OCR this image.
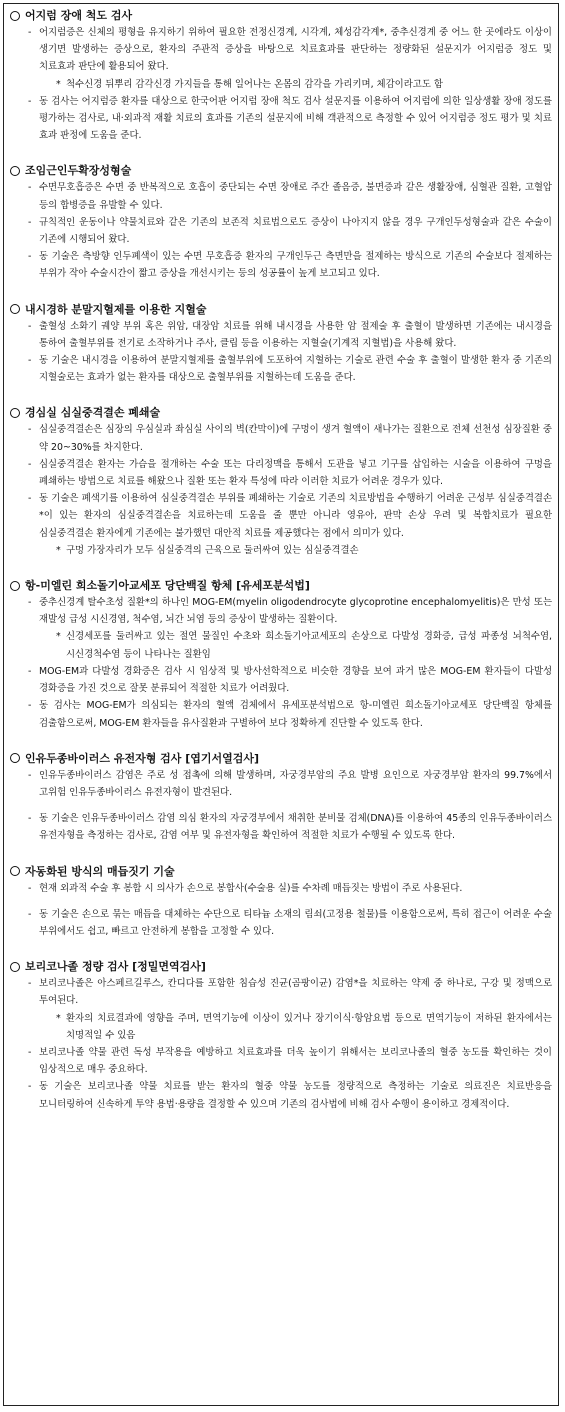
어지럼 장애 척도 검사
- 어지럼증은 신체의 평형을 유지하기 위하여 필요한 전정신경계, 시각계, 체성감각계*, 중추신경계 중 어느 한 곳에라도 이상이 생기면 발생하는 증상으로, 환자의 주관적 증상을 바탕으로 치료효과를 판단하는 정량화된 설문지가 어지럼증 정도 및 치료효과 판단에 활용되어 왔다.
* 척수신경 뒤뿌리 감각신경 가지들을 통해 일어나는 온몸의 감각을 가리키며, 체감이라고도 함
- 동 검사는 어지럼증 환자를 대상으로 한국어판 어지럼 장애 척도 검사 설문지를 이용하여 어지럼에 의한 일상생활 장애 정도를 평가하는 검사로, 내·외과적 재활 치료의 효과를 기존의 설문지에 비해 객관적으로 측정할 수 있어 어지럼증 정도 평가 및 치료 효과 판정에 도움을 준다.
조임근인두확장성형술
- 수면무호흡증은 수면 중 반복적으로 호흡이 중단되는 수면 장애로 주간 졸음증, 불면증과 같은 생활장애, 심혈관 질환, 고혈압 등의 합병증을 유발할 수 있다.
- 규칙적인 운동이나 약물치료와 같은 기존의 보존적 치료법으로도 증상이 나아지지 않을 경우 구개인두성형술과 같은 수술이 기존에 시행되어 왔다.
- 동 기술은 측방향 인두폐색이 있는 수면 무호흡증 환자의 구개인두근 측면만을 절제하는 방식으로 기존의 수술보다 절제하는 부위가 작아 수술시간이 짧고 증상을 개선시키는 등의 성공률이 높게 보고되고 있다.
내시경하 분말지혈제를 이용한 지혈술
- 출혈성 소화기 궤양 부위 혹은 위암, 대장암 치료를 위해 내시경을 사용한 암 절제술 후 출혈이 발생하면 기존에는 내시경을 통하여 출혈부위를 전기로 소작하거나 주사, 클립 등을 이용하는 지혈술(기계적 지혈법)을 사용해 왔다.
- 동 기술은 내시경을 이용하여 분말지혈제를 출혈부위에 도포하여 지혈하는 기술로 관련 수술 후 출혈이 발생한 환자 중 기존의 지혈술로는 효과가 없는 환자를 대상으로 출혈부위를 지혈하는데 도움을 준다.
경심실 심실중격결손 폐쇄술
- 심실중격결손은 심장의 우심실과 좌심실 사이의 벽(칸막이)에 구멍이 생겨 혈액이 새나가는 질환으로 전체 선천성 심장질환 중 약 20~30%를 차지한다.
- 심실중격결손 환자는 가슴을 절개하는 수술 또는 다리정맥을 통해서 도관을 넣고 기구를 삽입하는 시술을 이용하여 구멍을 폐쇄하는 방법으로 치료를 해왔으나 질환 또는 환자 특성에 따라 이러한 치료가 어려운 경우가 있다.
- 동 기술은 폐색기를 이용하여 심실중격결손 부위를 폐쇄하는 기술로 기존의 치료방법을 수행하기 어려운 근성부 심실중격결손*이 있는 환자의 심실중격결손을 치료하는데 도움을 줄 뿐만 아니라 영유아, 판막 손상 우려 및 복합치료가 필요한 심실중격결손 환자에게 기존에는 불가했던 대안적 치료를 제공했다는 점에서 의미가 있다.
* 구멍 가장자리가 모두 심실중격의 근육으로 둘러싸여 있는 심실중격결손
항-미엘린 희소돌기아교세포 당단백질 항체 [유세포분석법]
- 중추신경계 탈수초성 질환*의 하나인 MOG-EM(myelin oligodendrocyte glycoprotine encephalomyelitis)은 만성 또는 재발성 급성 시신경염, 척수염, 뇌간 뇌염 등의 증상이 발생하는 질환이다.
* 신경세포를 둘러싸고 있는 절연 물질인 수초와 희소돌기아교세포의 손상으로 다발성 경화증, 급성 파종성 뇌척수염, 시신경척수염 등이 나타나는 질환임
- MOG-EM과 다발성 경화증은 검사 시 임상적 및 방사선학적으로 비슷한 경향을 보여 과거 많은 MOG-EM 환자들이 다발성 경화증을 가진 것으로 잘못 분류되어 적절한 치료가 어려웠다.
- 동 검사는 MOG-EM가 의심되는 환자의 혈액 검체에서 유세포분석법으로 항-미엘린 희소돌기아교세포 당단백질 항체를 검출함으로써, MOG-EM 환자들을 유사질환과 구별하여 보다 정확하게 진단할 수 있도록 한다.
인유두종바이러스 유전자형 검사 [엽기서열검사]
- 인유두종바이러스 감염은 주로 성 접촉에 의해 발생하며, 자궁경부암의 주요 발병 요인으로 자궁경부암 환자의 99.7%에서 고위험 인유두종바이러스 유전자형이 발견된다.
- 동 기술은 인유두종바이러스 감염 의심 환자의 자궁경부에서 채취한 분비물 검체(DNA)를 이용하여 45종의 인유두종바이러스 유전자형을 측정하는 검사로, 감염 여부 및 유전자형을 확인하여 적절한 치료가 수행될 수 있도록 한다.
자동화된 방식의 매듭짓기 기술
- 현재 외과적 수술 후 봉합 시 의사가 손으로 봉합사(수술용 실)를 수차례 매듭짓는 방법이 주로 사용된다.
- 동 기술은 손으로 묶는 매듭을 대체하는 수단으로 티타늄 소재의 림쇠(고정용 철물)를 이용함으로써, 특히 접근이 어려운 수술 부위에서도 쉽고, 빠르고 안전하게 봉합을 고정할 수 있다.
보리코나졸 정량 검사 [정밀면역검사]
- 보리코나졸은 아스페르길루스, 칸디다를 포함한 침습성 진균(곰팡이균) 감염*을 치료하는 약제 중 하나로, 구강 및 정맥으로 투여된다.
* 환자의 치료결과에 영향을 주며, 면역기능에 이상이 있거나 장기이식·항암요법 등으로 면역기능이 저하된 환자에서는 치명적일 수 있음
- 보리코나졸 약물 관련 독성 부작용을 예방하고 치료효과를 더욱 높이기 위해서는 보리코나졸의 혈중 농도를 확인하는 것이 임상적으로 매우 중요하다.
- 동 기술은 보리코나졸 약물 치료를 받는 환자의 혈중 약물 농도를 정량적으로 측정하는 기술로 의료진은 치료반응을 모니터링하여 신속하게 투약 용법·용량을 결정할 수 있으며 기존의 검사법에 비해 검사 수행이 용이하고 경제적이다.
